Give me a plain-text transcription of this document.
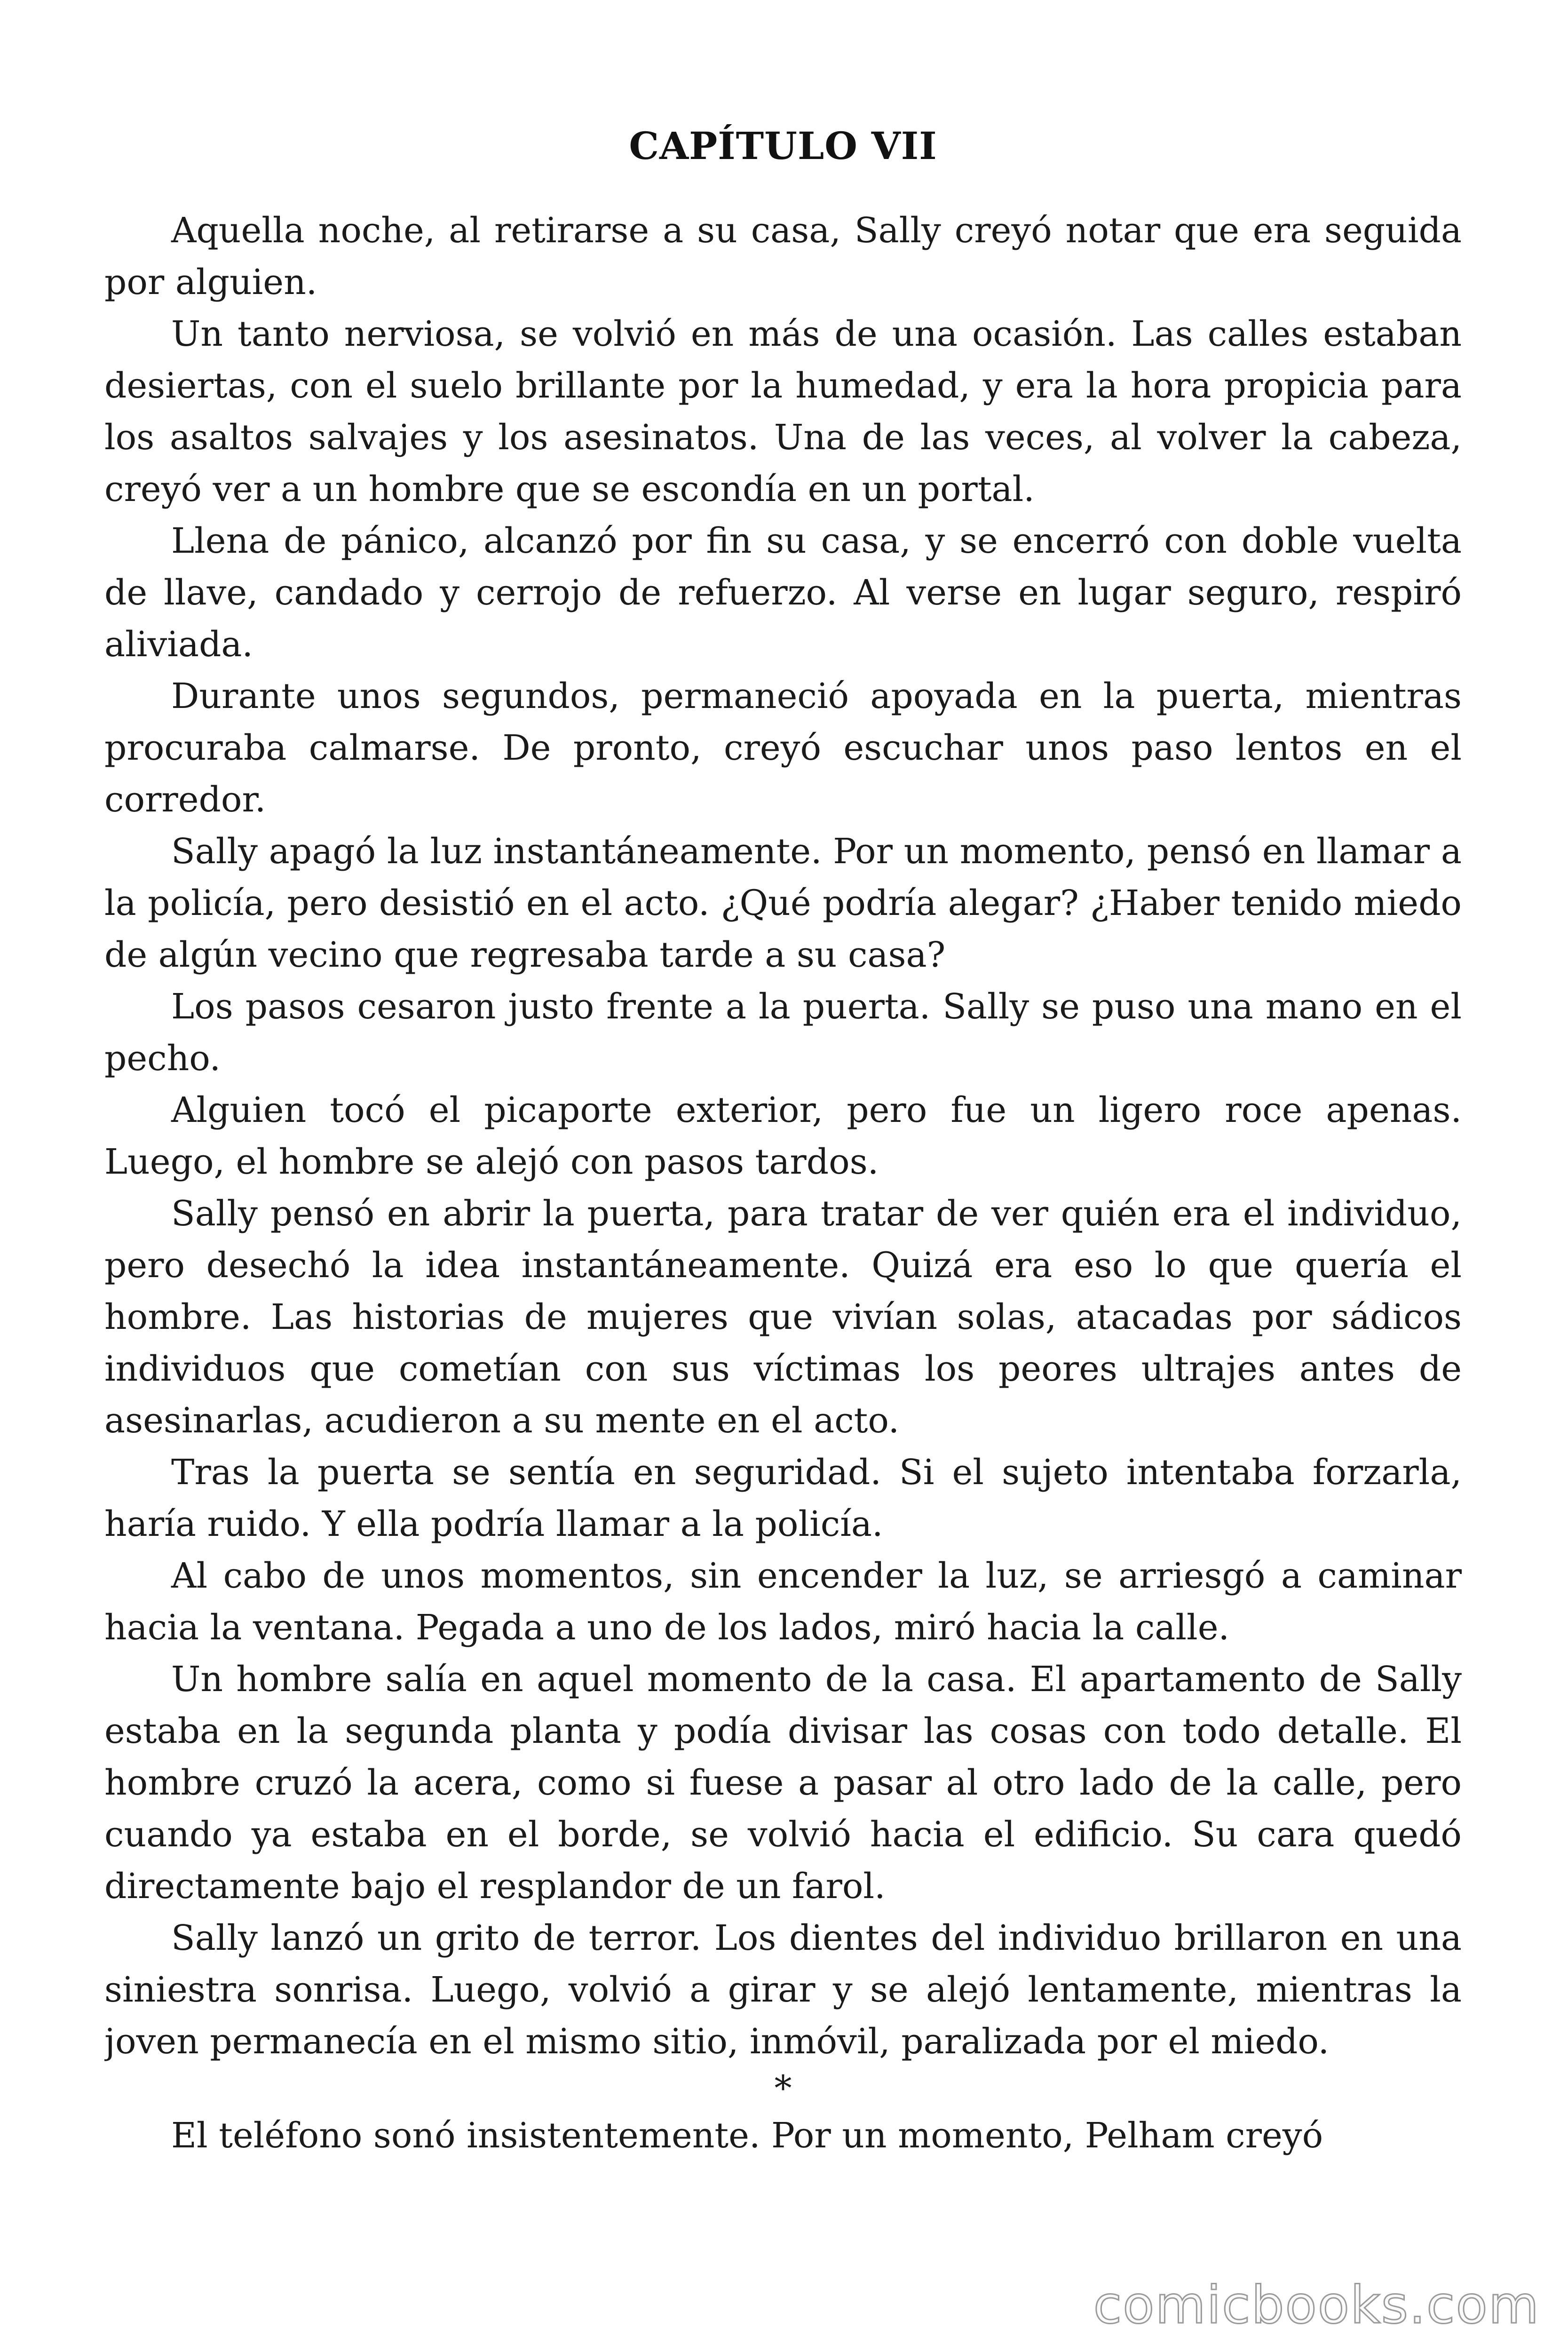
CAPÍTULO VII

Aquella noche, al retirarse a su casa, Sally creyó notar que era seguida por alguien.

Un tanto nerviosa, se volvió en más de una ocasión. Las calles estaban desiertas, con el suelo brillante por la humedad, y era la hora propicia para los asaltos salvajes y los asesinatos. Una de las veces, al volver la cabeza, creyó ver a un hombre que se escondía en un portal.

Llena de pánico, alcanzó por fin su casa, y se encerró con doble vuelta de llave, candado y cerrojo de refuerzo. Al verse en lugar seguro, respiró aliviada.

Durante unos segundos, permaneció apoyada en la puerta, mientras procuraba calmarse. De pronto, creyó escuchar unos paso lentos en el corredor.

Sally apagó la luz instantáneamente. Por un momento, pensó en llamar a la policía, pero desistió en el acto. ¿Qué podría alegar? ¿Haber tenido miedo de algún vecino que regresaba tarde a su casa?

Los pasos cesaron justo frente a la puerta. Sally se puso una mano en el pecho.

Alguien tocó el picaporte exterior, pero fue un ligero roce apenas. Luego, el hombre se alejó con pasos tardos.

Sally pensó en abrir la puerta, para tratar de ver quién era el individuo, pero desechó la idea instantáneamente. Quizá era eso lo que quería el hombre. Las historias de mujeres que vivían solas, atacadas por sádicos individuos que cometían con sus víctimas los peores ultrajes antes de asesinarlas, acudieron a su mente en el acto.

Tras la puerta se sentía en seguridad. Si el sujeto intentaba forzarla, haría ruido. Y ella podría llamar a la policía.

Al cabo de unos momentos, sin encender la luz, se arriesgó a caminar hacia la ventana. Pegada a uno de los lados, miró hacia la calle.

Un hombre salía en aquel momento de la casa. El apartamento de Sally estaba en la segunda planta y podía divisar las cosas con todo detalle. El hombre cruzó la acera, como si fuese a pasar al otro lado de la calle, pero cuando ya estaba en el borde, se volvió hacia el edificio. Su cara quedó directamente bajo el resplandor de un farol.

Sally lanzó un grito de terror. Los dientes del individuo brillaron en una siniestra sonrisa. Luego, volvió a girar y se alejó lentamente, mientras la joven permanecía en el mismo sitio, inmóvil, paralizada por el miedo.

*

El teléfono sonó insistentemente. Por un momento, Pelham creyó

comicbooks.com
